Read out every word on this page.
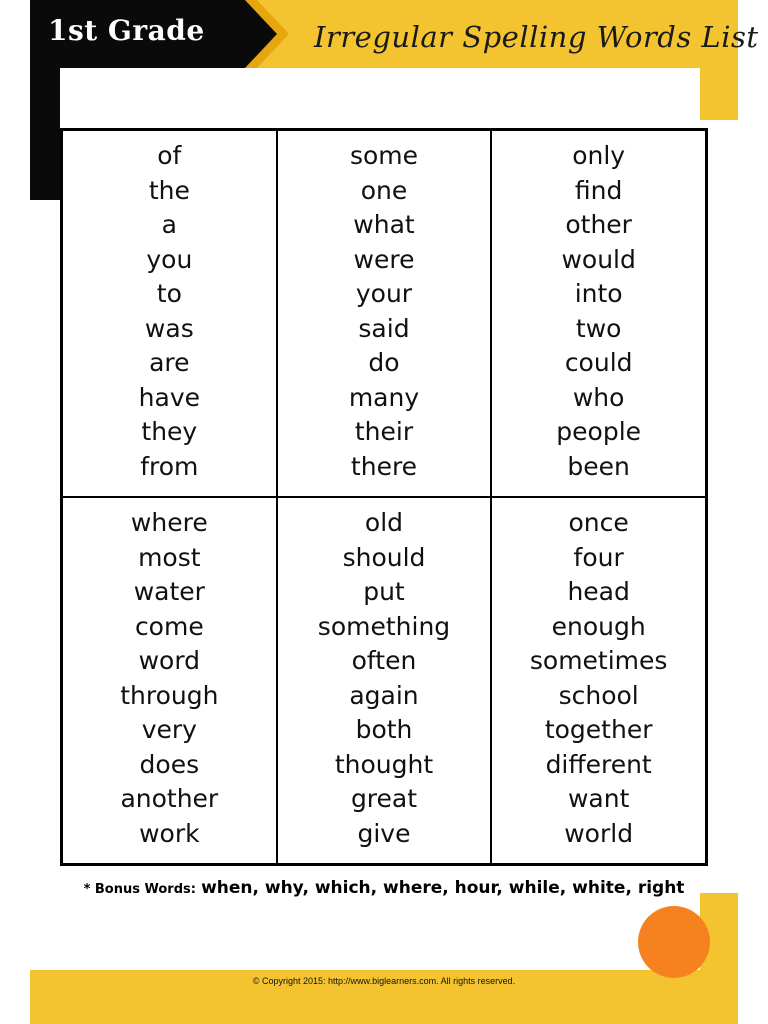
1st Grade	Irregular Spelling Words List
of
the
a
you
to
was
are
have
they
from
some
one
what
were
your
said
do
many
their
there
only
find
other
would
into
two
could
who
people
been
where
most
water
come
word
through
very
does
another
work
old
should
put
something
often
again
both
thought
great
give
once
four
head
enough
sometimes
school
together
different
want
world
* Bonus Words: when, why, which, where, hour, while, white, right
© Copyright 2015: http://www.biglearners.com. All rights reserved.
